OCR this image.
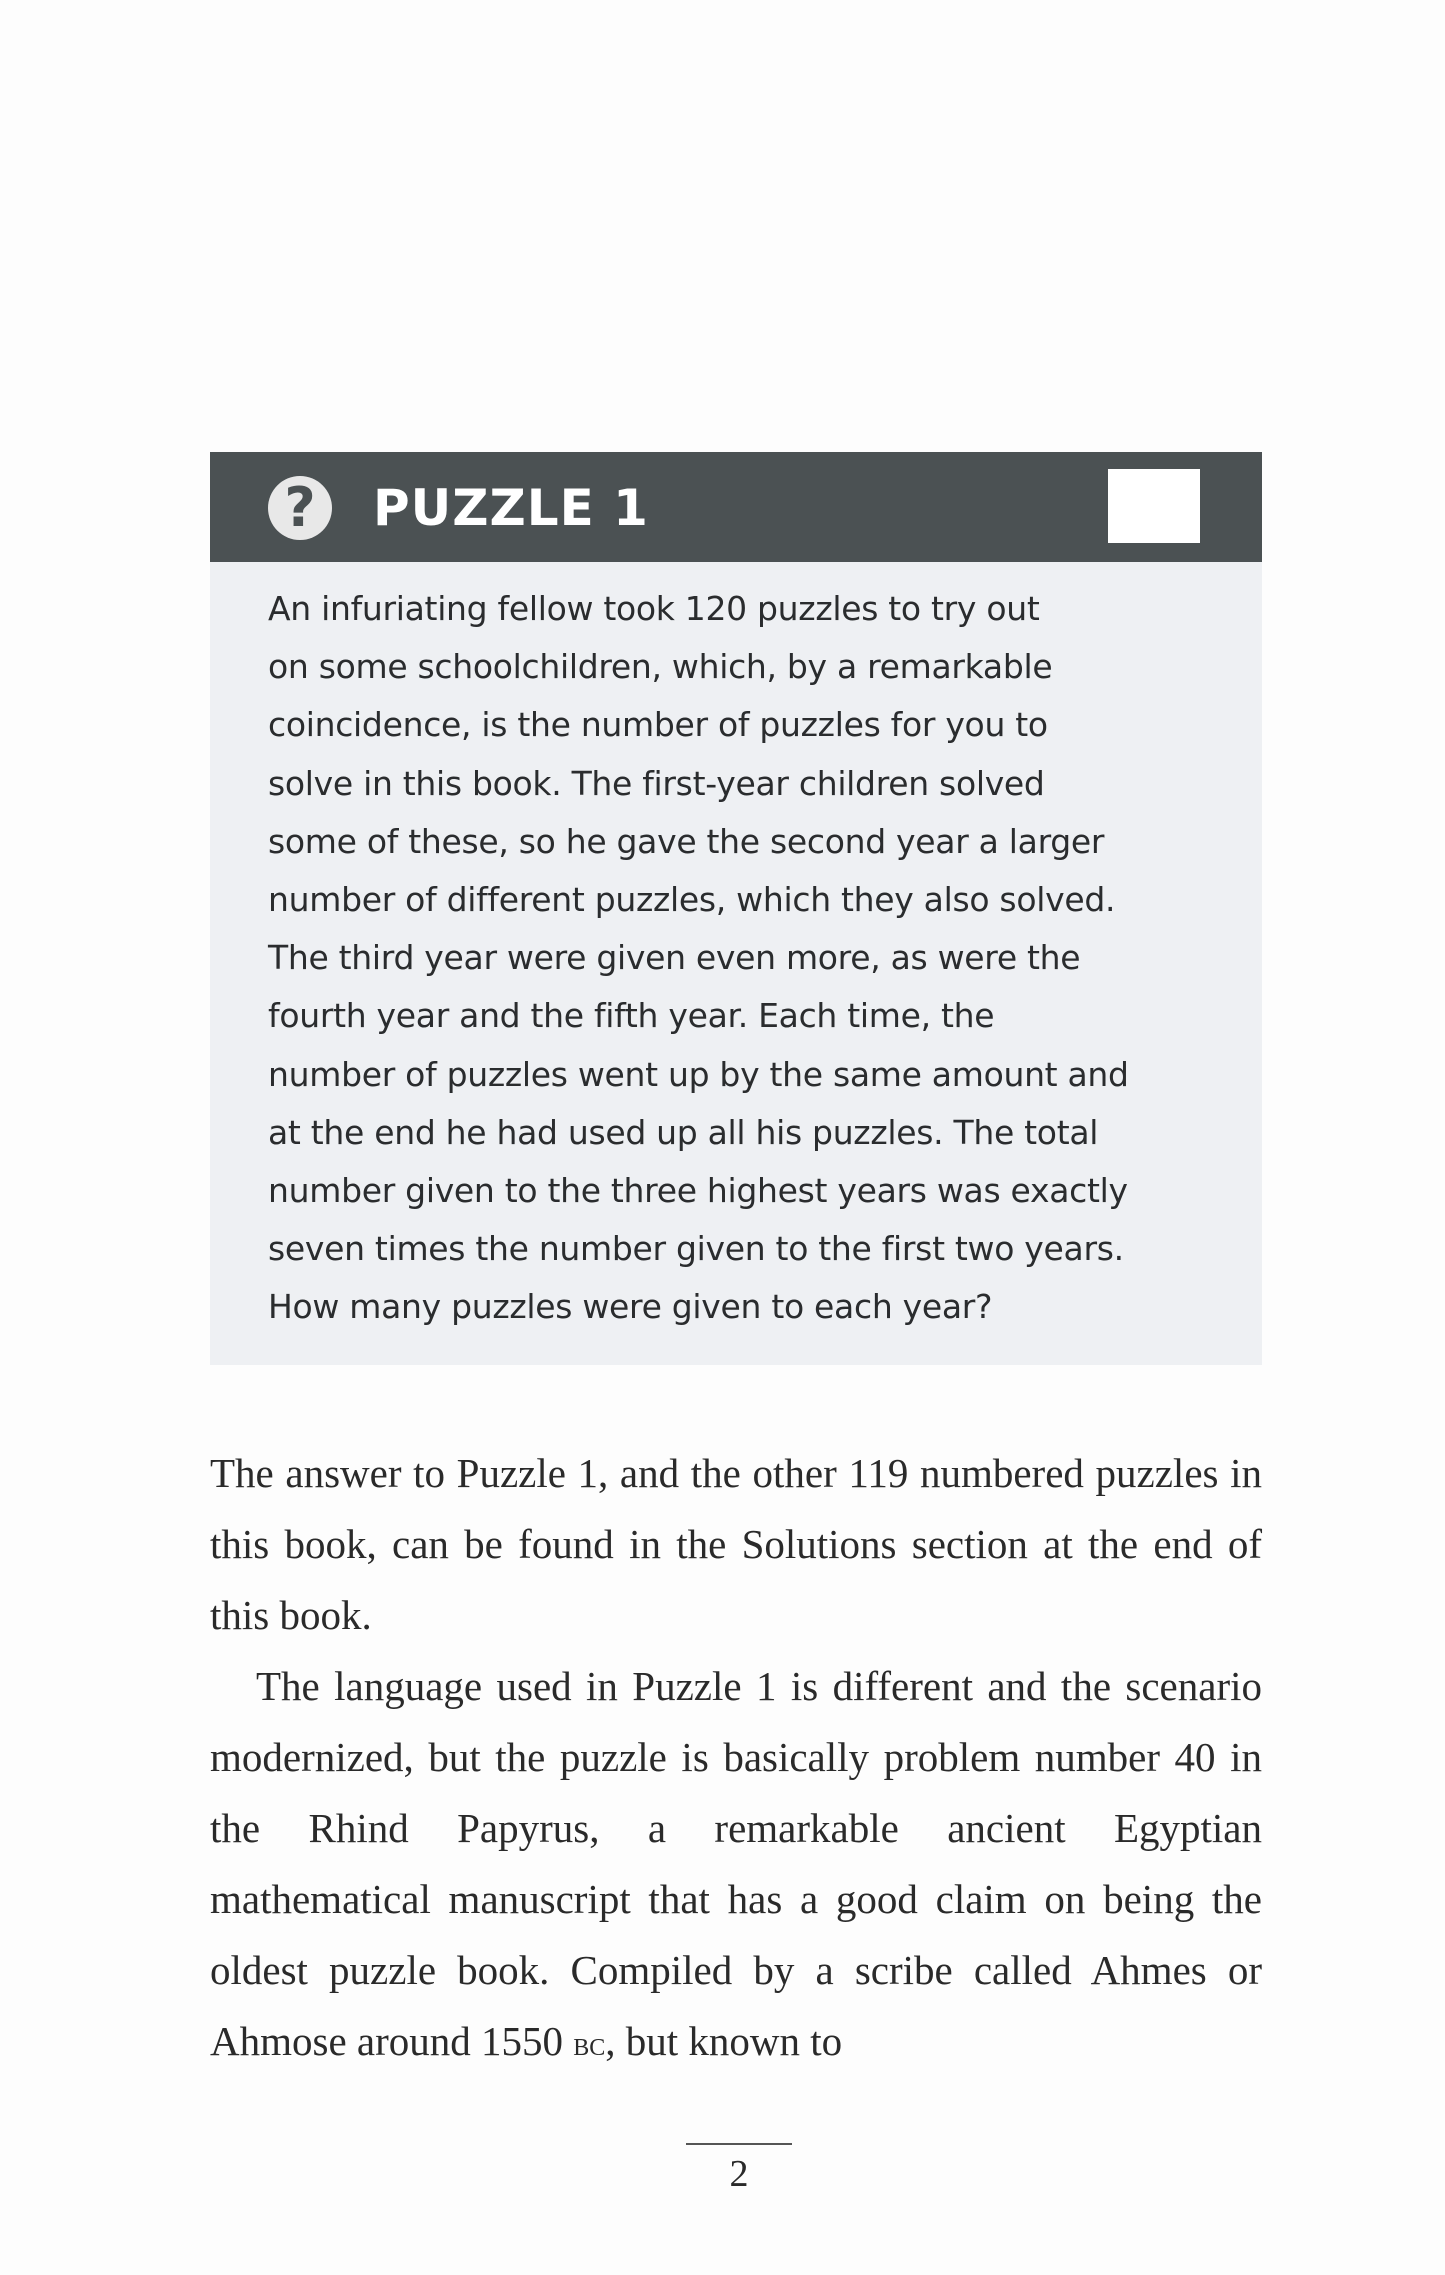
?	PUZZLE 1
An infuriating fellow took 120 puzzles to try out
on some schoolchildren, which, by a remarkable
coincidence, is the number of puzzles for you to
solve in this book. The first-year children solved
some of these, so he gave the second year a larger
number of different puzzles, which they also solved.
The third year were given even more, as were the
fourth year and the fifth year. Each time, the
number of puzzles went up by the same amount and
at the end he had used up all his puzzles. The total
number given to the three highest years was exactly
seven times the number given to the first two years.
How many puzzles were given to each year?

The answer to Puzzle 1, and the other 119 numbered puzzles in this book, can be found in the Solutions section at the end of this book.

The language used in Puzzle 1 is different and the scenario modernized, but the puzzle is basically problem number 40 in the Rhind Papyrus, a remarkable ancient Egyptian mathematical manuscript that has a good claim on being the oldest puzzle book. Compiled by a scribe called Ahmes or Ahmose around 1550 bc, but known to

2
